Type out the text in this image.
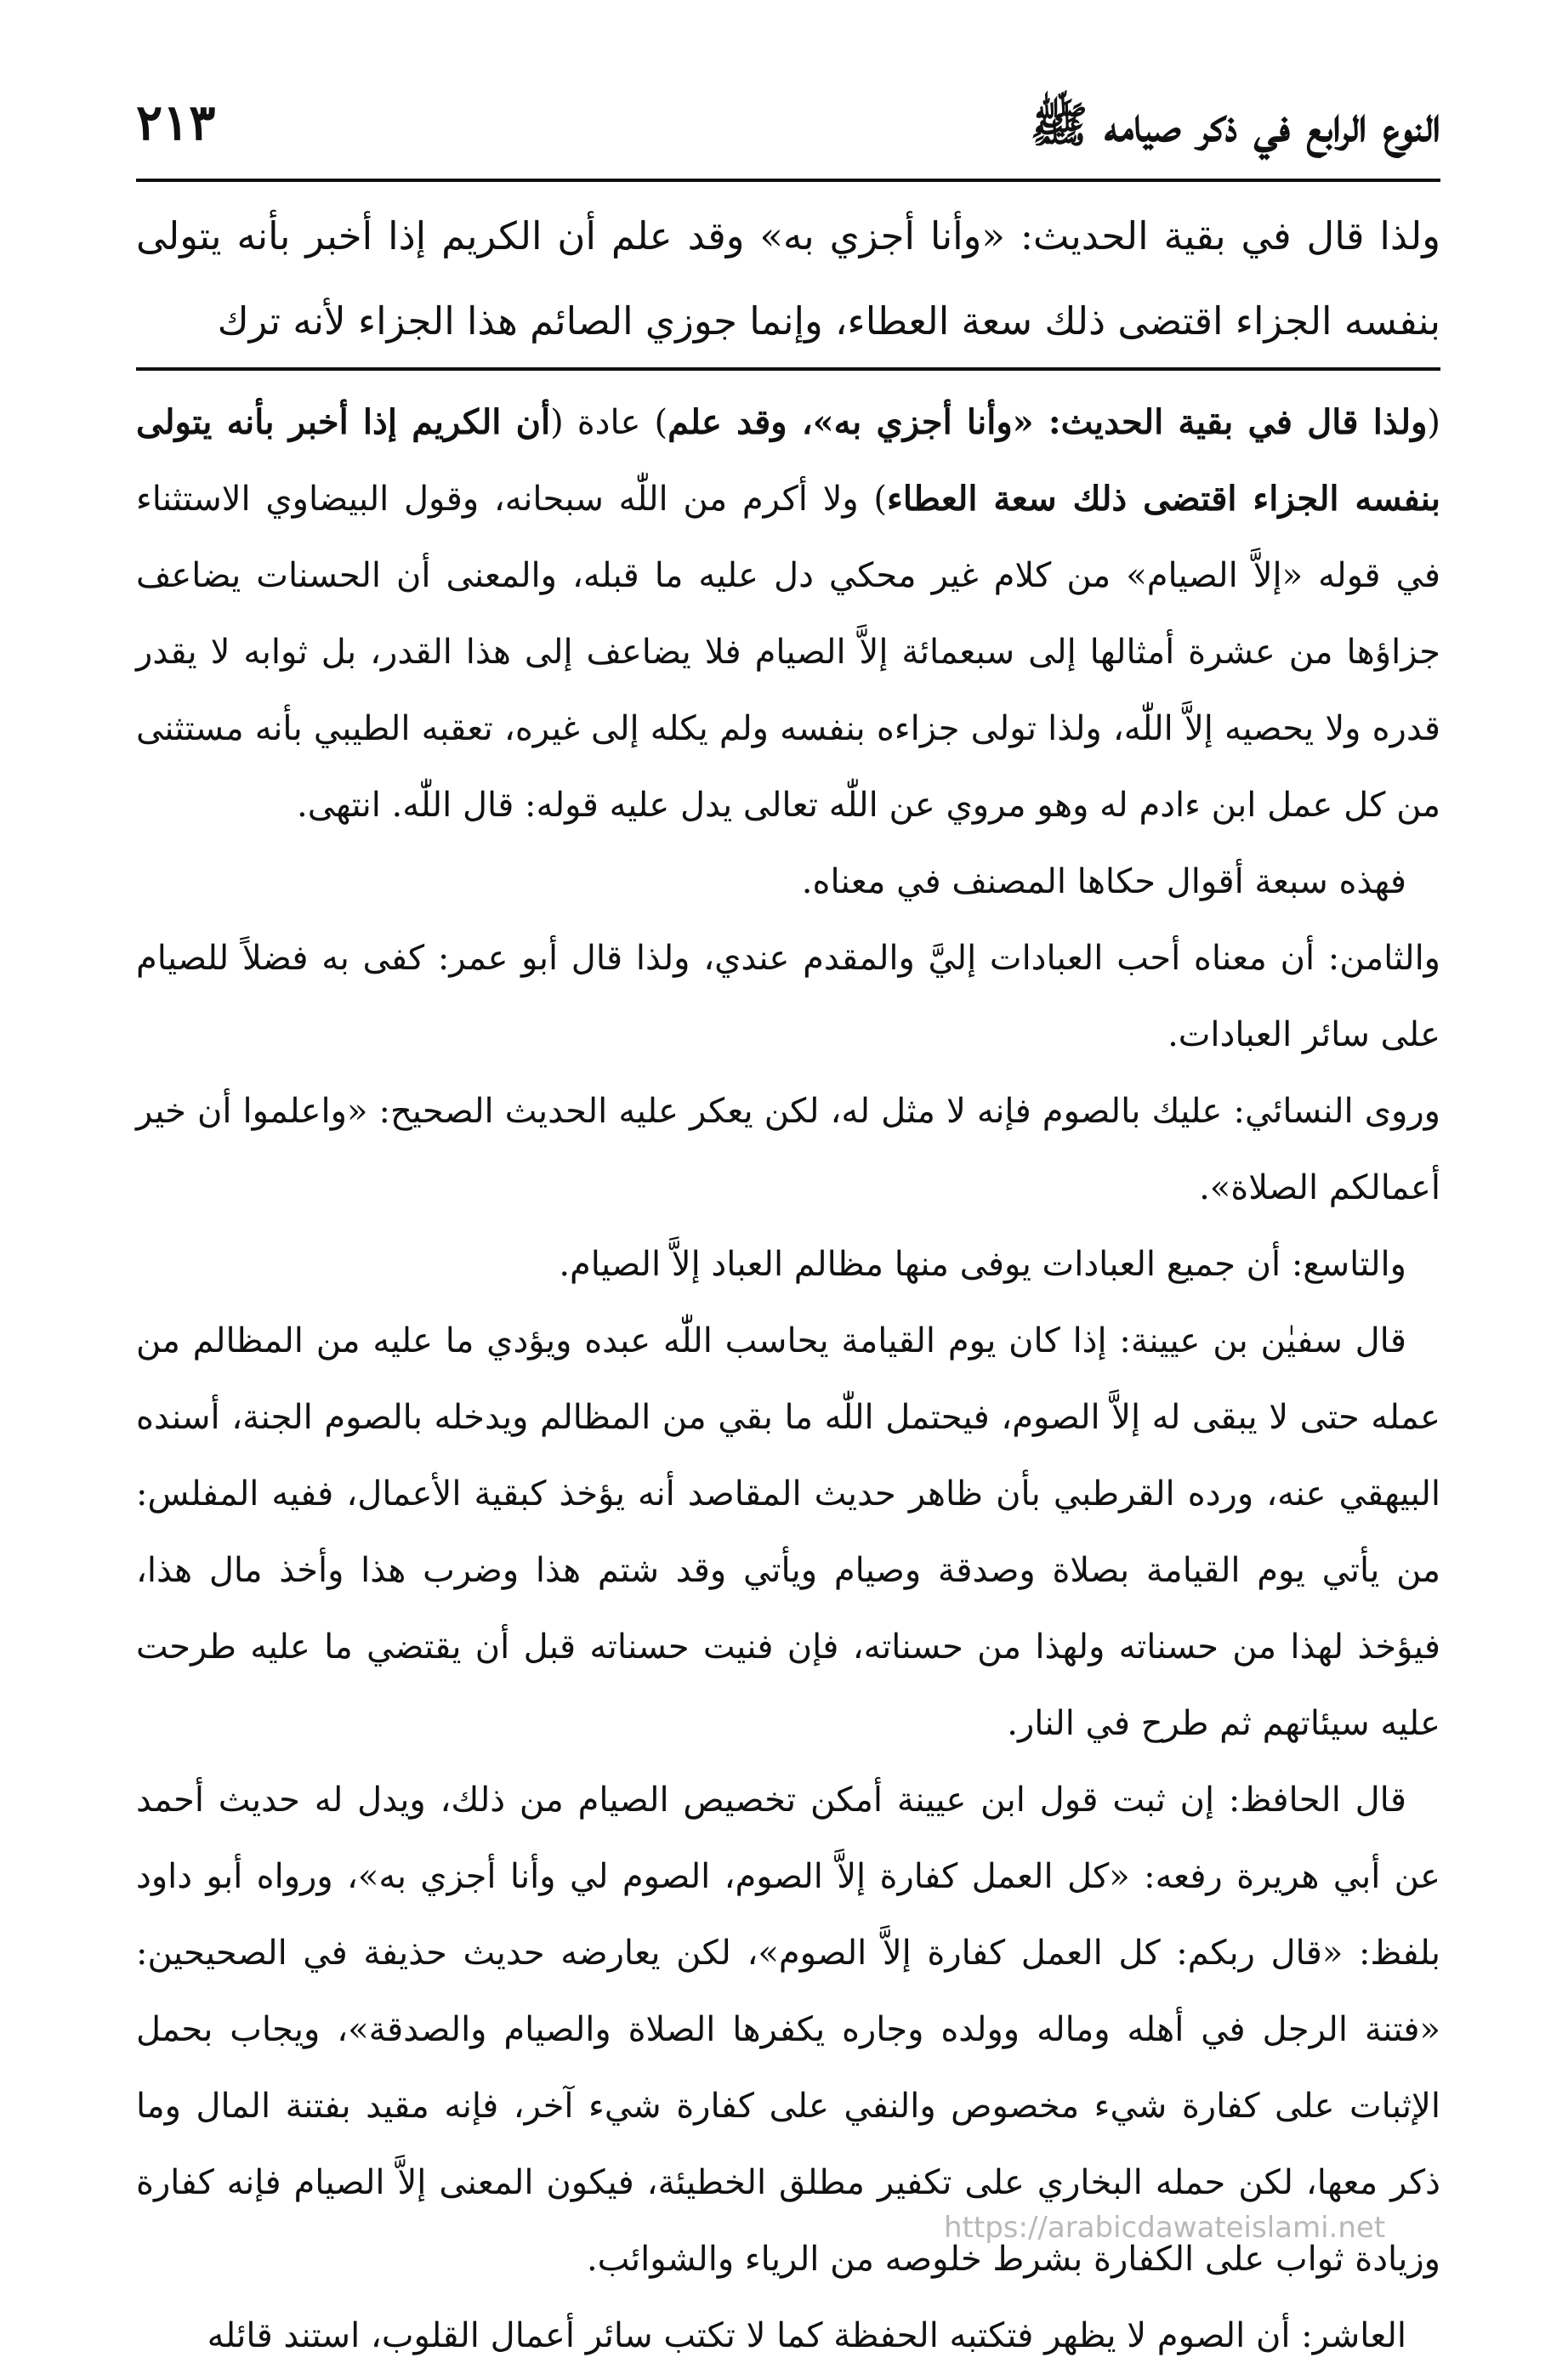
النوع الرابع في ذكر صيامه ﷺ
٢١٣
ولذا قال في بقية الحديث: «وأنا أجزي به» وقد علم أن الكريم إذا أخبر بأنه يتولى بنفسه الجزاء اقتضى ذلك سعة العطاء، وإنما جوزي الصائم هذا الجزاء لأنه ترك

(ولذا قال في بقية الحديث: «وأنا أجزي به»، وقد علم) عادة (أن الكريم إذا أخبر بأنه يتولى بنفسه الجزاء اقتضى ذلك سعة العطاء) ولا أكرم من اللّٰه سبحانه، وقول البيضاوي الاستثناء في قوله «إلاَّ الصيام» من كلام غير محكي دل عليه ما قبله، والمعنى أن الحسنات يضاعف جزاؤها من عشرة أمثالها إلى سبعمائة إلاَّ الصيام فلا يضاعف إلى هذا القدر، بل ثوابه لا يقدر قدره ولا يحصيه إلاَّ اللّٰه، ولذا تولى جزاءه بنفسه ولم يكله إلى غيره، تعقبه الطيبي بأنه مستثنى من كل عمل ابن ءادم له وهو مروي عن اللّٰه تعالى يدل عليه قوله: قال اللّٰه. انتهى.

فهذه سبعة أقوال حكاها المصنف في معناه.

والثامن: أن معناه أحب العبادات إليَّ والمقدم عندي، ولذا قال أبو عمر: كفى به فضلاً للصيام على سائر العبادات.

وروى النسائي: عليك بالصوم فإنه لا مثل له، لكن يعكر عليه الحديث الصحيح: «واعلموا أن خير أعمالكم الصلاة».

والتاسع: أن جميع العبادات يوفى منها مظالم العباد إلاَّ الصيام.

قال سفيٰن بن عيينة: إذا كان يوم القيامة يحاسب اللّٰه عبده ويؤدي ما عليه من المظالم من عمله حتى لا يبقى له إلاَّ الصوم، فيحتمل اللّٰه ما بقي من المظالم ويدخله بالصوم الجنة، أسنده البيهقي عنه، ورده القرطبي بأن ظاهر حديث المقاصد أنه يؤخذ كبقية الأعمال، ففيه المفلس: من يأتي يوم القيامة بصلاة وصدقة وصيام ويأتي وقد شتم هذا وضرب هذا وأخذ مال هذا، فيؤخذ لهذا من حسناته ولهذا من حسناته، فإن فنيت حسناته قبل أن يقتضي ما عليه طرحت عليه سيئاتهم ثم طرح في النار.

قال الحافظ: إن ثبت قول ابن عيينة أمكن تخصيص الصيام من ذلك، ويدل له حديث أحمد عن أبي هريرة رفعه: «كل العمل كفارة إلاَّ الصوم، الصوم لي وأنا أجزي به»، ورواه أبو داود بلفظ: «قال ربكم: كل العمل كفارة إلاَّ الصوم»، لكن يعارضه حديث حذيفة في الصحيحين: «فتنة الرجل في أهله وماله وولده وجاره يكفرها الصلاة والصيام والصدقة»، ويجاب بحمل الإثبات على كفارة شيء مخصوص والنفي على كفارة شيء آخر، فإنه مقيد بفتنة المال وما ذكر معها، لكن حمله البخاري على تكفير مطلق الخطيئة، فيكون المعنى إلاَّ الصيام فإنه كفارة وزيادة ثواب على الكفارة بشرط خلوصه من الرياء والشوائب.

العاشر: أن الصوم لا يظهر فتكتبه الحفظة كما لا تكتب سائر أعمال القلوب، استند قائله

https://arabicdawateislami.net
